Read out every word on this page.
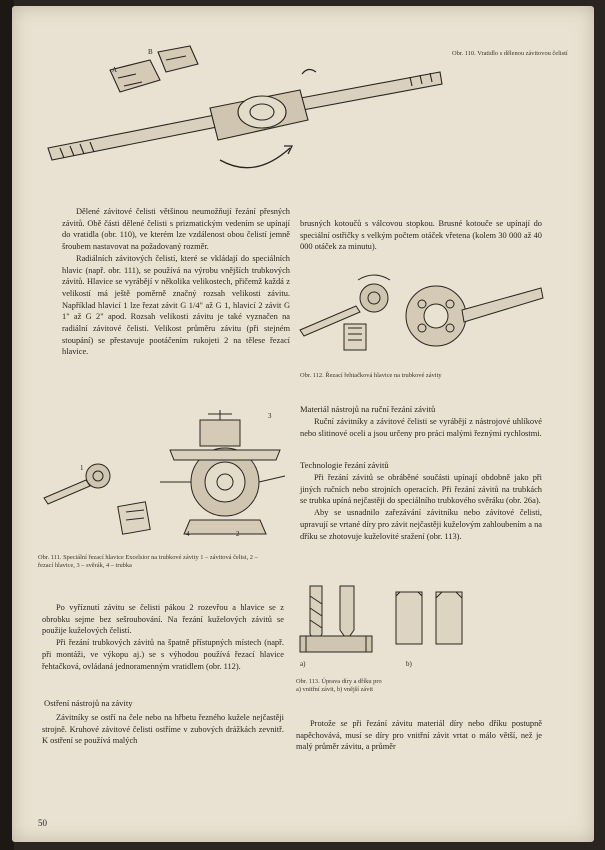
A
B	Obr. 110. Vratidlo s dělenou závitovou čelistí

Dělené závitové čelisti většinou neumožňují řezání přesných závitů. Obě části dělené čelisti s prizmatickým vedením se upínají do vratidla (obr. 110), ve kterém lze vzdálenost obou čelistí jemně šroubem nastavovat na požadovaný rozměr.

Radiálních závitových čelistí, které se vkládají do speciálních hlavic (např. obr. 111), se používá na výrobu vnějších trubkových závitů. Hlavice se vyrábějí v několika velikostech, přičemž každá z velikostí má ještě poměrně značný rozsah velikosti závitu. Například hlavicí 1 lze řezat závit G 1/4" až G 1, hlavicí 2 závit G 1" až G 2" apod. Rozsah velikosti závitu je také vyznačen na radiální závitové čelisti. Velikost průměru závitu (při stejném stoupání) se přestavuje pootáčením rukojeti 2 na tělese řezací hlavice.

brusných kotoučů s válcovou stopkou. Brusné kotouče se upínají do speciální ostřičky s velkým počtem otáček vřetena (kolem 30 000 až 40 000 otáček za minutu).

Obr. 112. Řezací řehtačková hlavice na trubkové závity
Materiál nástrojů na ruční řezání závitů

Ruční závitníky a závitové čelisti se vyrábějí z nástrojové uhlíkové nebo slitinové oceli a jsou určeny pro práci malými řeznými rychlostmi.

Technologie řezání závitů

Při řezání závitů se obráběné součásti upínají obdobně jako při jiných ručních nebo strojních operacích. Při řezání závitů na trubkách se trubka upíná nejčastěji do speciálního trubkového svěráku (obr. 26a).

Aby se usnadnilo zařezávání závitníku nebo závitové čelisti, upravují se vrtané díry pro závit nejčastěji kuželovým zahloubením a na dříku se zhotovuje kuželovité sražení (obr. 113).

3
1
2
4
Obr. 111. Speciální řezací hlavice Excelsior na trubkové závity 1 – závitová čelist, 2 – řezací hlavice, 3 – svěrák, 4 – trubka
a)	b)
Obr. 113. Úprava díry a dříku pro
a) vnitřní závit, b) vnější závit

Po vyříznutí závitu se čelisti pákou 2 rozevřou a hlavice se z obrobku sejme bez sešroubování. Na řezání kuželových závitů se použije kuželových čelistí.

Při řezání trubkových závitů na špatně přístupných místech (např. při montáži, ve výkopu aj.) se s výhodou používá řezací hlavice řehtačková, ovládaná jednoramenným vratidlem (obr. 112).

Ostření nástrojů na závity

Závitníky se ostří na čele nebo na hřbetu řezného kužele nejčastěji strojně. Kruhové závitové čelisti ostříme v zubových drážkách zevnitř. K ostření se používá malých

Protože se při řezání závitu materiál díry nebo dříku postupně napěchovává, musí se díry pro vnitřní závit vrtat o málo větší, než je malý průměr závitu, a průměr

50
